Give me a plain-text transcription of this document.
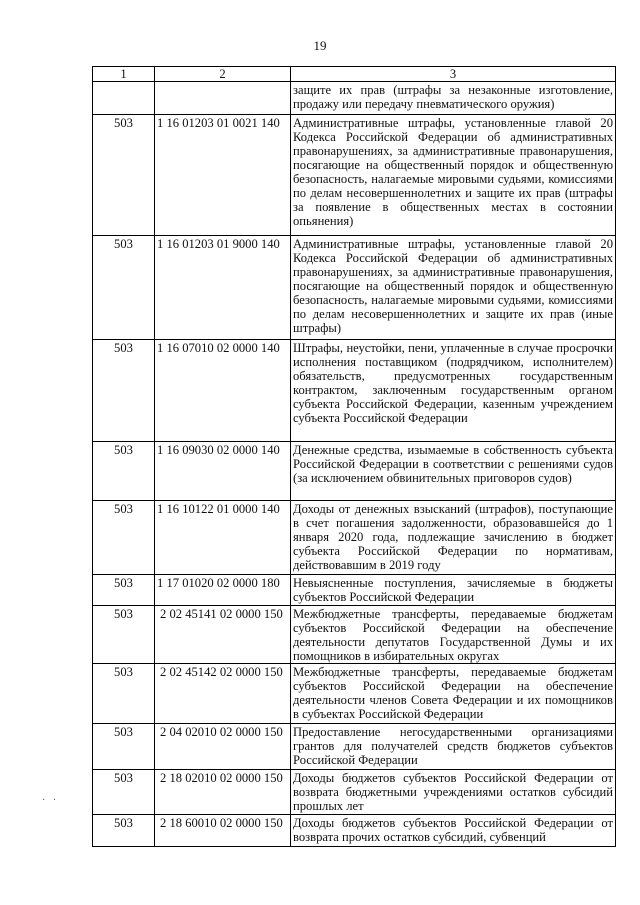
19
1	2	3
		защите их прав (штрафы за незаконные изготовление, продажу или передачу пневматического оружия)
503	1 16 01203 01 0021 140	Административные штрафы, установленные главой 20 Кодекса Российской Федерации об административных правонарушениях, за административные правонарушения, посягающие на общественный порядок и общественную безопасность, налагаемые мировыми судьями, комиссиями по делам несовершеннолетних и защите их прав (штрафы за появление в общественных местах в состоянии опьянения)
503	1 16 01203 01 9000 140	Административные штрафы, установленные главой 20 Кодекса Российской Федерации об административных правонарушениях, за административные правонарушения, посягающие на общественный порядок и общественную безопасность, налагаемые мировыми судьями, комиссиями по делам несовершеннолетних и защите их прав (иные штрафы)
503	1 16 07010 02 0000 140	Штрафы, неустойки, пени, уплаченные в случае просрочки исполнения поставщиком (подрядчиком, исполнителем) обязательств, предусмотренных государственным контрактом, заключенным государственным органом субъекта Российской Федерации, казенным учреждением субъекта Российской Федерации
503	1 16 09030 02 0000 140	Денежные средства, изымаемые в собственность субъекта Российской Федерации в соответствии с решениями судов (за исключением обвинительных приговоров судов)
503	1 16 10122 01 0000 140	Доходы от денежных взысканий (штрафов), поступающие в счет погашения задолженности, образовавшейся до 1 января 2020 года, подлежащие зачислению в бюджет субъекта Российской Федерации по нормативам, действовавшим в 2019 году
503	1 17 01020 02 0000 180	Невыясненные поступления, зачисляемые в бюджеты субъектов Российской Федерации
503	2 02 45141 02 0000 150	Межбюджетные трансферты, передаваемые бюджетам субъектов Российской Федерации на обеспечение деятельности депутатов Государственной Думы и их помощников в избирательных округах
503	2 02 45142 02 0000 150	Межбюджетные трансферты, передаваемые бюджетам субъектов Российской Федерации на обеспечение деятельности членов Совета Федерации и их помощников в субъектах Российской Федерации
503	2 04 02010 02 0000 150	Предоставление негосударственными организациями грантов для получателей средств бюджетов субъектов Российской Федерации
503	2 18 02010 02 0000 150	Доходы бюджетов субъектов Российской Федерации от возврата бюджетными учреждениями остатков субсидий прошлых лет
503	2 18 60010 02 0000 150	Доходы бюджетов субъектов Российской Федерации от возврата прочих остатков субсидий, субвенций
·   ·
